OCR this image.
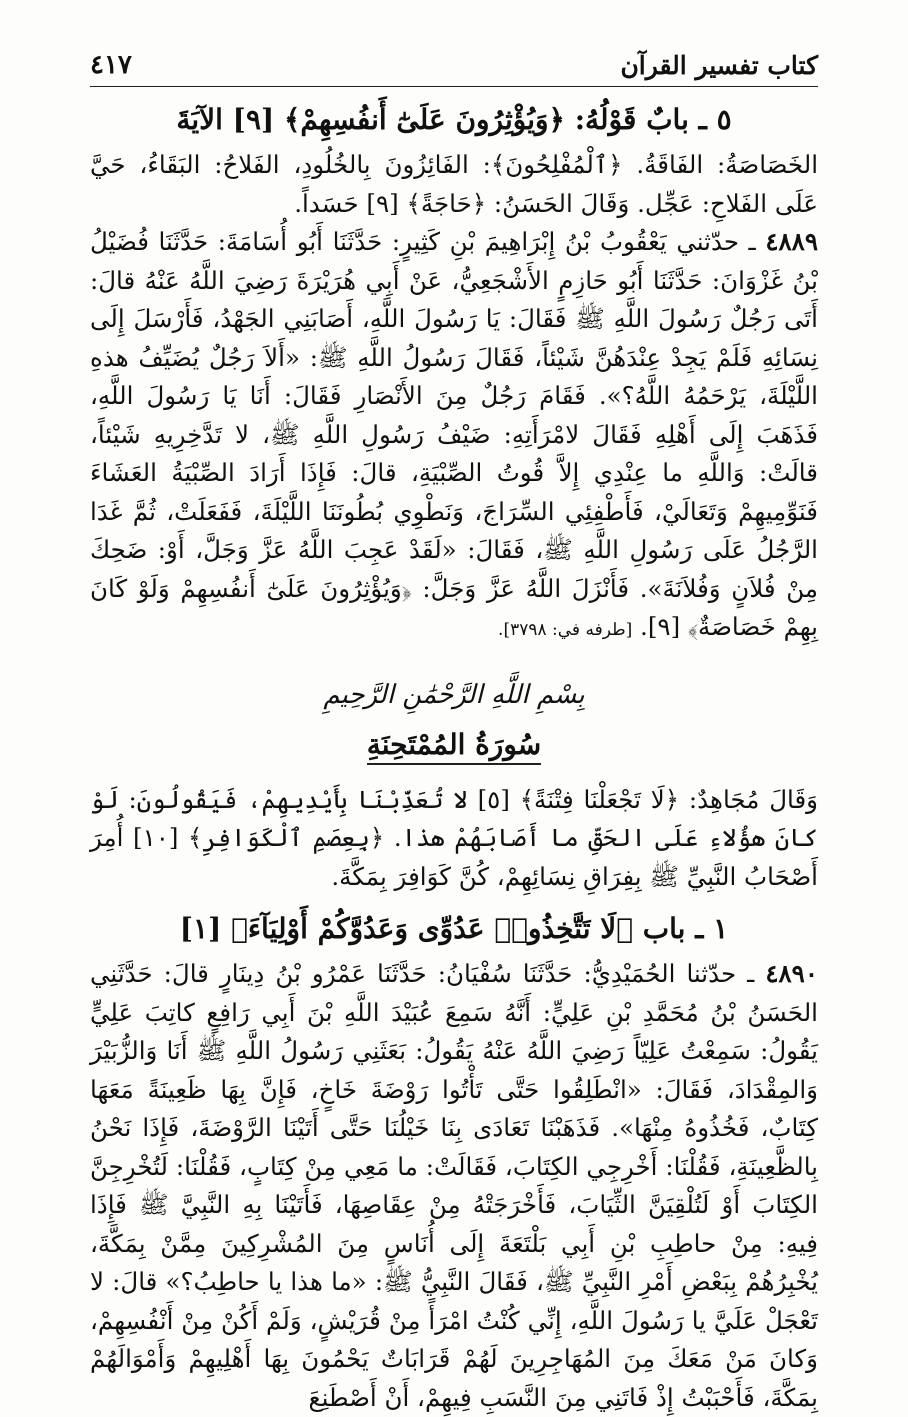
٤١٧	كتاب تفسير القرآن
٥ ـ بابٌ قَوْلُهُ: ﴿وَيُؤْثِرُونَ عَلَىٰٓ أَنفُسِهِمْ﴾ [٩] الآيَةَ

الخَصَاصَةُ: الفَاقَةُ. ﴿ٱلْمُفْلِحُونَ﴾: الفَائِزُونَ بِالخُلُودِ، الفَلاحُ: البَقَاءُ، حَيَّ عَلَى الفَلاحِ: عَجِّل. وَقَالَ الحَسَنُ: ﴿حَاجَةً﴾ [٩] حَسَداً.

٤٨٨٩ ـ حدّثني يَعْقُوبُ بْنُ إِبْرَاهِيمَ بْنِ كَثِيرٍ: حَدَّثَنَا أَبُو أُسَامَةَ: حَدَّثَنَا فُضَيْلُ بْنُ غَزْوَانَ: حَدَّثَنَا أَبُو حَازِمٍ الأَشْجَعِيُّ، عَنْ أَبِي هُرَيْرَةَ رَضِيَ اللَّهُ عَنْهُ قالَ: أَتَى رَجُلٌ رَسُولَ اللَّهِ ﷺ فَقَالَ: يَا رَسُولَ اللَّهِ، أَصَابَنِي الجَهْدُ، فَأَرْسَلَ إِلَى نِسَائِهِ فَلَمْ يَجِدْ عِنْدَهُنَّ شَيْئاً، فَقَالَ رَسُولُ اللَّهِ ﷺ: «أَلاَ رَجُلٌ يُضَيِّفُ هذهِ اللَّيْلَةَ، يَرْحَمُهُ اللَّهُ؟». فَقَامَ رَجُلٌ مِنَ الأَنْصَارِ فَقَالَ: أَنَا يَا رَسُولَ اللَّهِ، فَذَهَبَ إِلَى أَهْلِهِ فَقَالَ لامْرَأَتِهِ: ضَيْفُ رَسُولِ اللَّهِ ﷺ، لا تَدَّخِرِيهِ شَيْئاً، قالَتْ: وَاللَّهِ ما عِنْدِي إِلاَّ قُوتُ الصِّبْيَةِ، قالَ: فَإِذَا أَرَادَ الصِّبْيَةُ العَشَاءَ فَنَوِّمِيهِمْ وَتَعَالَيْ، فَأَطْفِئِي السِّرَاجَ، وَنَطْوِي بُطُونَنَا اللَّيْلَةَ، فَفَعَلَتْ، ثُمَّ غَدَا الرَّجُلُ عَلَى رَسُولِ اللَّهِ ﷺ، فَقَالَ: «لَقَدْ عَجِبَ اللَّهُ عَزَّ وَجَلَّ، أَوْ: ضَحِكَ مِنْ فُلاَنٍ وَفُلاَنَةَ». فَأَنْزَلَ اللَّهُ عَزَّ وَجَلَّ: ﴿وَيُؤْثِرُونَ عَلَىٰٓ أَنفُسِهِمْ وَلَوْ كَانَ بِهِمْ خَصَاصَةٌ﴾ [٩]. [طرفه في: ٣٧٩٨].

بِسْمِ اللَّهِ الرَّحْمَٰنِ الرَّحِيمِ
سُورَةُ المُمْتَحِنَةِ

وَقَالَ مُجَاهِدٌ: ﴿لَا تَجْعَلْنَا فِتْنَةً﴾ [٥] لا تُعَذِّبْنَا بِأَيْدِيهِمْ، فَيَقُولُونَ: لَوْ كانَ هؤُلاءِ عَلَى الحَقِّ ما أَصَابَهُمْ هذا. ﴿بِعِصَمِ ٱلْكَوَافِرِ﴾ [١٠] أُمِرَ أَصْحَابُ النَّبِيِّ ﷺ بِفِرَاقِ نِسَائِهِمْ، كُنَّ كَوَافِرَ بِمَكَّةَ.

١ ـ باب ﴿لَا تَتَّخِذُوا۟ عَدُوِّى وَعَدُوَّكُمْ أَوْلِيَآءَ﴾ [١]

٤٨٩٠ ـ حدّثنا الحُمَيْدِيُّ: حَدَّثَنَا سُفْيَانُ: حَدَّثَنَا عَمْرُو بْنُ دِينَارٍ قالَ: حَدَّثَنِي الحَسَنُ بْنُ مُحَمَّدِ بْنِ عَلِيٍّ: أَنَّهُ سَمِعَ عُبَيْدَ اللَّهِ بْنَ أَبِي رَافِعٍ كاتِبَ عَلِيٍّ يَقُولُ: سَمِعْتُ عَلِيّاً رَضِيَ اللَّهُ عَنْهُ يَقُولُ: بَعَثَنِي رَسُولُ اللَّهِ ﷺ أَنَا وَالزُّبَيْرَ وَالمِقْدَادَ، فَقَالَ: «انْطَلِقُوا حَتَّى تَأْتُوا رَوْضَةَ خَاخٍ، فَإِنَّ بِهَا ظَعِينَةً مَعَهَا كِتَابٌ، فَخُذُوهُ مِنْهَا». فَذَهَبْنَا تَعَادَى بِنَا خَيْلُنَا حَتَّى أَتَيْنَا الرَّوْضَةَ، فَإِذَا نَحْنُ بِالظَّعِينَةِ، فَقُلْنَا: أَخْرِجِي الكِتَابَ، فَقَالَتْ: ما مَعِي مِنْ كِتَابٍ، فَقُلْنَا: لَتُخْرِجِنَّ الكِتَابَ أَوْ لَتُلْقِيَنَّ الثِّيَابَ، فَأَخْرَجَتْهُ مِنْ عِقَاصِهَا، فَأَتَيْنَا بِهِ النَّبِيَّ ﷺ فَإِذَا فِيهِ: مِنْ حاطِبِ بْنِ أَبِي بَلْتَعَةَ إِلَى أُنَاسٍ مِنَ المُشْرِكِينَ مِمَّنْ بِمَكَّةَ، يُخْبِرُهُمْ بِبَعْضِ أَمْرِ النَّبِيِّ ﷺ، فَقَالَ النَّبِيُّ ﷺ: «ما هذا يا حاطِبُ؟» قالَ: لا تَعْجَلْ عَلَيَّ يا رَسُولَ اللَّهِ، إِنِّي كُنْتُ امْرَأً مِنْ قُرَيْشٍ، وَلَمْ أَكُنْ مِنْ أَنْفُسِهِمْ، وَكانَ مَنْ مَعَكَ مِنَ المُهَاجِرِينَ لَهُمْ قَرَابَاتٌ يَحْمُونَ بِهَا أَهْلِيهِمْ وَأَمْوَالَهُمْ بِمَكَّةَ، فَأَحْبَبْتُ إِذْ فَاتَنِي مِنَ النَّسَبِ فِيهِمْ، أَنْ أَصْطَنِعَ
